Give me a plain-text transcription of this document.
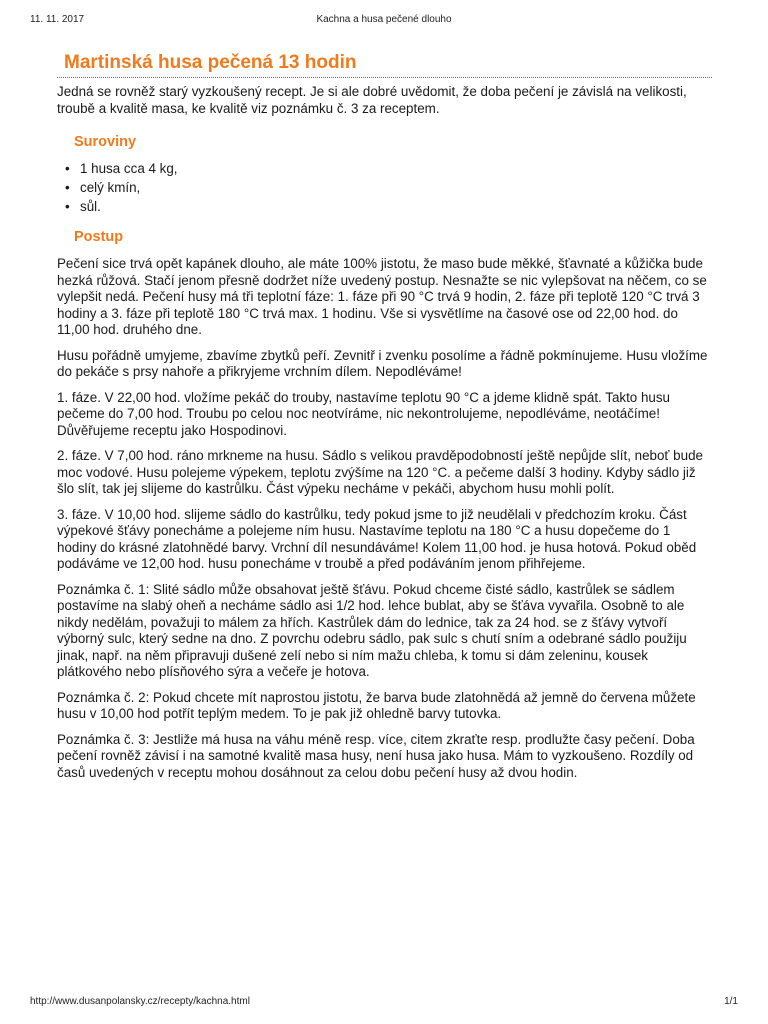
11. 11. 2017	Kachna a husa pečené dlouho
Martinská husa pečená 13 hodin

Jedná se rovněž starý vyzkoušený recept. Je si ale dobré uvědomit, že doba pečení je závislá na velikosti, troubě a kvalitě masa, ke kvalitě viz poznámku č. 3 za receptem.

Suroviny
• 1 husa cca 4 kg,
• celý kmín,
• sůl.
Postup

Pečení sice trvá opět kapánek dlouho, ale máte 100% jistotu, že maso bude měkké, šťavnaté a kůžička bude hezká růžová. Stačí jenom přesně dodržet níže uvedený postup. Nesnažte se nic vylepšovat na něčem, co se vylepšit nedá. Pečení husy má tři teplotní fáze: 1. fáze při 90 °C trvá 9 hodin, 2. fáze při teplotě 120 °C trvá 3 hodiny a 3. fáze při teplotě 180 °C trvá max. 1 hodinu. Vše si vysvětlíme na časové ose od 22,00 hod. do 11,00 hod. druhého dne.

Husu pořádně umyjeme, zbavíme zbytků peří. Zevnitř i zvenku posolíme a řádně pokmínujeme. Husu vložíme do pekáče s prsy nahoře a přikryjeme vrchním dílem. Nepodléváme!

1. fáze. V 22,00 hod. vložíme pekáč do trouby, nastavíme teplotu 90 °C a jdeme klidně spát. Takto husu pečeme do 7,00 hod. Troubu po celou noc neotvíráme, nic nekontrolujeme, nepodléváme, neotáčíme! Důvěřujeme receptu jako Hospodinovi.

2. fáze. V 7,00 hod. ráno mrkneme na husu. Sádlo s velikou pravděpodobností ještě nepůjde slít, neboť bude moc vodové. Husu polejeme výpekem, teplotu zvýšíme na 120 °C. a pečeme další 3 hodiny. Kdyby sádlo již šlo slít, tak jej slijeme do kastrůlku. Část výpeku necháme v pekáči, abychom husu mohli polít.

3. fáze. V 10,00 hod. slijeme sádlo do kastrůlku, tedy pokud jsme to již neudělali v předchozím kroku. Část výpekové šťávy ponecháme a polejeme ním husu. Nastavíme teplotu na 180 °C a husu dopečeme do 1 hodiny do krásné zlatohnědé barvy. Vrchní díl nesundáváme! Kolem 11,00 hod. je husa hotová. Pokud oběd podáváme ve 12,00 hod. husu ponecháme v troubě a před podáváním jenom přihřejeme.

Poznámka č. 1: Slité sádlo může obsahovat ještě šťávu. Pokud chceme čisté sádlo, kastrůlek se sádlem postavíme na slabý oheň a necháme sádlo asi 1/2 hod. lehce bublat, aby se šťáva vyvařila. Osobně to ale nikdy nedělám, považuji to málem za hřích. Kastrůlek dám do lednice, tak za 24 hod. se z šťávy vytvoří výborný sulc, který sedne na dno. Z povrchu odebru sádlo, pak sulc s chutí sním a odebrané sádlo použiju jinak, např. na něm připravuji dušené zelí nebo si ním mažu chleba, k tomu si dám zeleninu, kousek plátkového nebo plísňového sýra a večeře je hotova.

Poznámka č. 2: Pokud chcete mít naprostou jistotu, že barva bude zlatohnědá až jemně do červena můžete husu v 10,00 hod potřít teplým medem. To je pak již ohledně barvy tutovka.

Poznámka č. 3: Jestliže má husa na váhu méně resp. více, citem zkraťte resp. prodlužte časy pečení. Doba pečení rovněž závisí i na samotné kvalitě masa husy, není husa jako husa. Mám to vyzkoušeno. Rozdíly od časů uvedených v receptu mohou dosáhnout za celou dobu pečení husy až dvou hodin.

http://www.dusanpolansky.cz/recepty/kachna.html	1/1
